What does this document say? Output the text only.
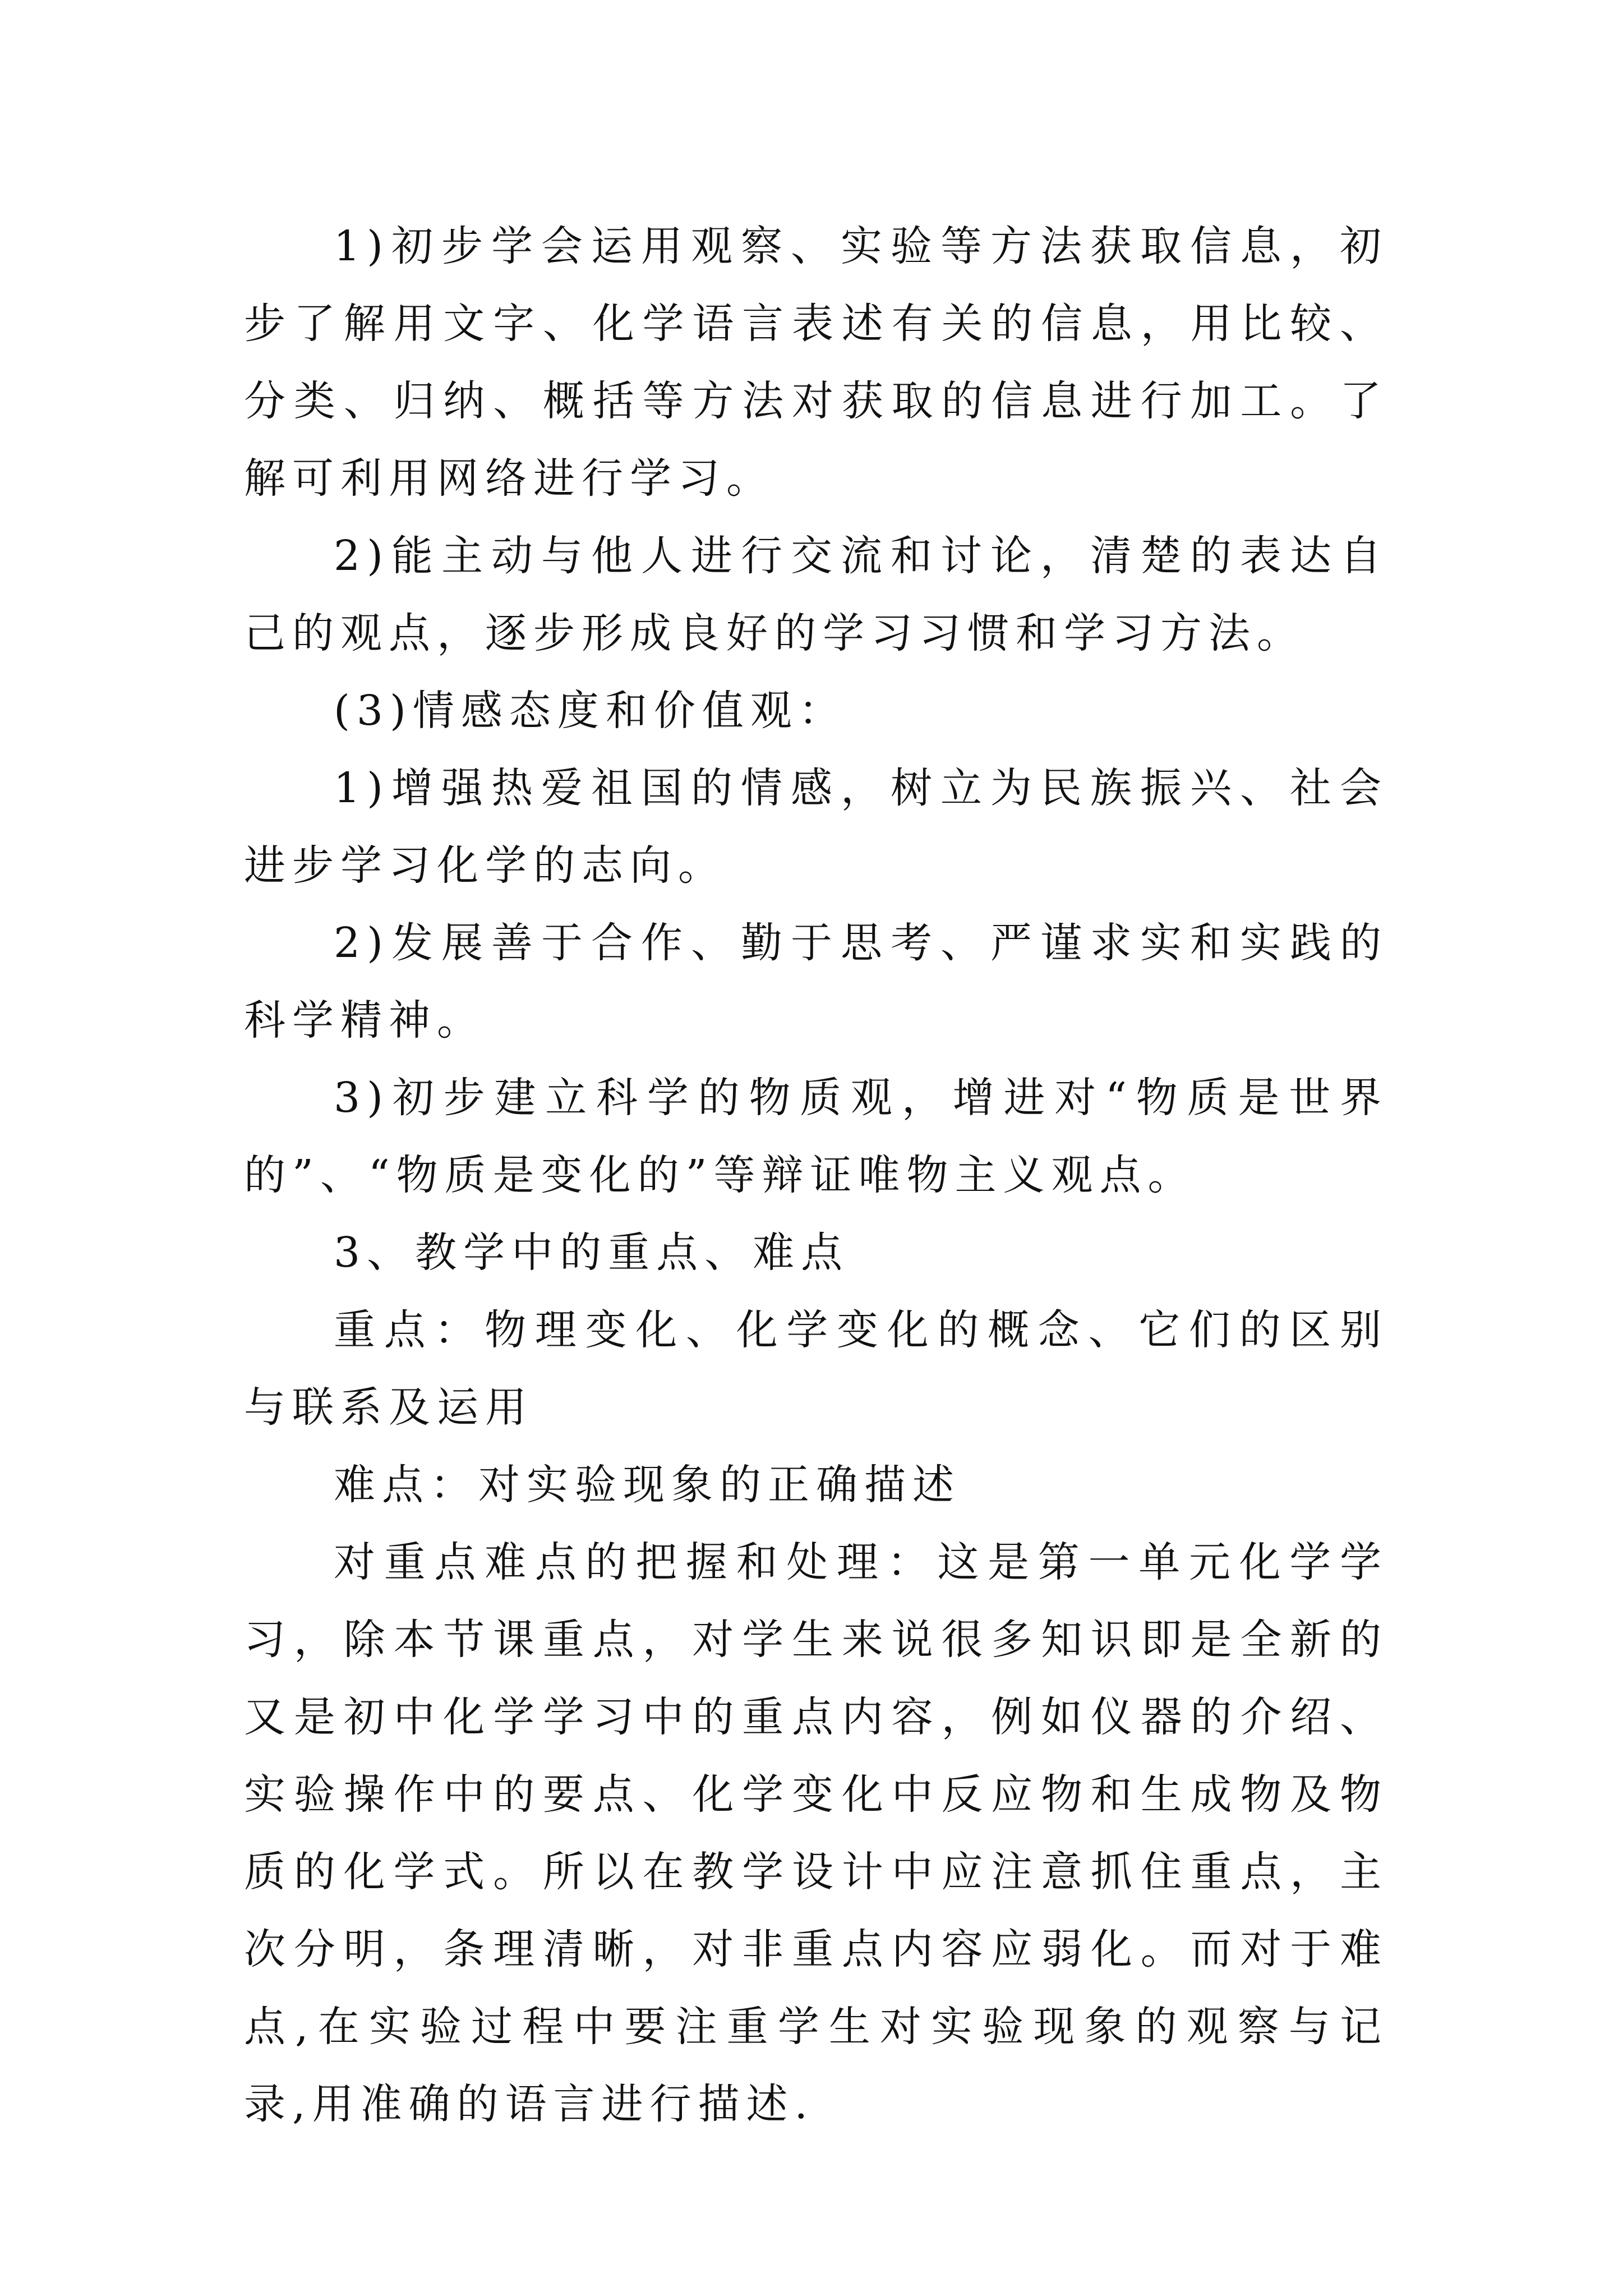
1)初步学会运用观察、实验等方法获取信息，初步了解用文字、化学语言表述有关的信息，用比较、分类、归纳、概括等方法对获取的信息进行加工。了解可利用网络进行学习。

2)能主动与他人进行交流和讨论，清楚的表达自己的观点，逐步形成良好的学习习惯和学习方法。

(3)情感态度和价值观：

1)增强热爱祖国的情感，树立为民族振兴、社会进步学习化学的志向。

2)发展善于合作、勤于思考、严谨求实和实践的科学精神。

3)初步建立科学的物质观，增进对“物质是世界的”、“物质是变化的”等辩证唯物主义观点。

3、教学中的重点、难点

重点：物理变化、化学变化的概念、它们的区别与联系及运用

难点：对实验现象的正确描述

对重点难点的把握和处理：这是第一单元化学学习，除本节课重点，对学生来说很多知识即是全新的又是初中化学学习中的重点内容，例如仪器的介绍、实验操作中的要点、化学变化中反应物和生成物及物质的化学式。所以在教学设计中应注意抓住重点，主次分明，条理清晰，对非重点内容应弱化。而对于难点,在实验过程中要注重学生对实验现象的观察与记录,用准确的语言进行描述.
